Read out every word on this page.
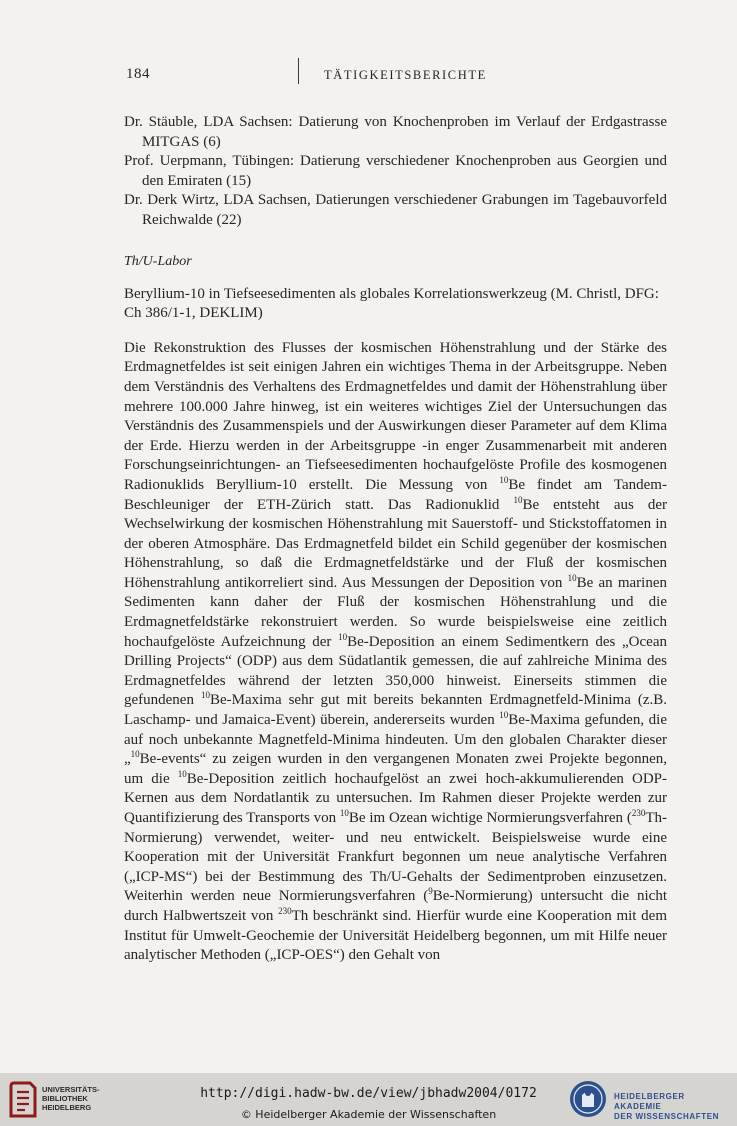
184	TÄTIGKEITSBERICHTE

Dr. Stäuble, LDA Sachsen: Datierung von Knochenproben im Verlauf der Erdgastrasse MITGAS (6)

Prof. Uerpmann, Tübingen: Datierung verschiedener Knochenproben aus Georgien und den Emiraten (15)

Dr. Derk Wirtz, LDA Sachsen, Datierungen verschiedener Grabungen im Tagebauvorfeld Reichwalde (22)

Th/U-Labor

Beryllium-10 in Tiefseesedimenten als globales Korrelationswerkzeug (M. Christl, DFG: Ch 386/1-1, DEKLIM)

Die Rekonstruktion des Flusses der kosmischen Höhenstrahlung und der Stärke des Erdmagnetfeldes ist seit einigen Jahren ein wichtiges Thema in der Arbeitsgruppe. Neben dem Verständnis des Verhaltens des Erdmagnetfeldes und damit der Höhenstrahlung über mehrere 100.000 Jahre hinweg, ist ein weiteres wichtiges Ziel der Untersuchungen das Verständnis des Zusammenspiels und der Auswirkungen dieser Parameter auf dem Klima der Erde. Hierzu werden in der Arbeitsgruppe -in enger Zusammenarbeit mit anderen Forschungseinrichtungen- an Tiefseesedimenten hochaufgelöste Profile des kosmogenen Radionuklids Beryllium-10 erstellt. Die Messung von $^{10}$Be findet am Tandem-Beschleuniger der ETH-Zürich statt. Das Radionuklid $^{10}$Be entsteht aus der Wechselwirkung der kosmischen Höhenstrahlung mit Sauerstoff- und Stickstoffatomen in der oberen Atmosphäre. Das Erdmagnetfeld bildet ein Schild gegenüber der kosmischen Höhenstrahlung, so daß die Erdmagnetfeldstärke und der Fluß der kosmischen Höhenstrahlung antikorreliert sind. Aus Messungen der Deposition von $^{10}$Be an marinen Sedimenten kann daher der Fluß der kosmischen Höhenstrahlung und die Erdmagnetfeldstärke rekonstruiert werden. So wurde beispielsweise eine zeitlich hochaufgelöste Aufzeichnung der $^{10}$Be-Deposition an einem Sedimentkern des „Ocean Drilling Projects“ (ODP) aus dem Südatlantik gemessen, die auf zahlreiche Minima des Erdmagnetfeldes während der letzten 350,000 hinweist. Einerseits stimmen die gefundenen $^{10}$Be-Maxima sehr gut mit bereits bekannten Erdmagnetfeld-Minima (z.B. Laschamp- und Jamaica-Event) überein, andererseits wurden $^{10}$Be-Maxima gefunden, die auf noch unbekannte Magnetfeld-Minima hindeuten. Um den globalen Charakter dieser „$^{10}$Be-events“ zu zeigen wurden in den vergangenen Monaten zwei Projekte begonnen, um die $^{10}$Be-Deposition zeitlich hochaufgelöst an zwei hoch-akkumulierenden ODP-Kernen aus dem Nordatlantik zu untersuchen. Im Rahmen dieser Projekte werden zur Quantifizierung des Transports von $^{10}$Be im Ozean wichtige Normierungsverfahren ($^{230}$Th-Normierung) verwendet, weiter- und neu entwickelt. Beispielsweise wurde eine Kooperation mit der Universität Frankfurt begonnen um neue analytische Verfahren („ICP-MS“) bei der Bestimmung des Th/U-Gehalts der Sedimentproben einzusetzen. Weiterhin werden neue Normierungsverfahren ($^9$Be-Normierung) untersucht die nicht durch Halbwertszeit von $^{230}$Th beschränkt sind. Hierfür wurde eine Kooperation mit dem Institut für Umwelt-Geochemie der Universität Heidelberg begonnen, um mit Hilfe neuer analytischer Methoden („ICP-OES“) den Gehalt von

UNIVERSITÄTS-
BIBLIOTHEK
HEIDELBERG
http://digi.hadw-bw.de/view/jbhadw2004/0172
© Heidelberger Akademie der Wissenschaften
HEIDELBERGER AKADEMIE
DER WISSENSCHAFTEN
